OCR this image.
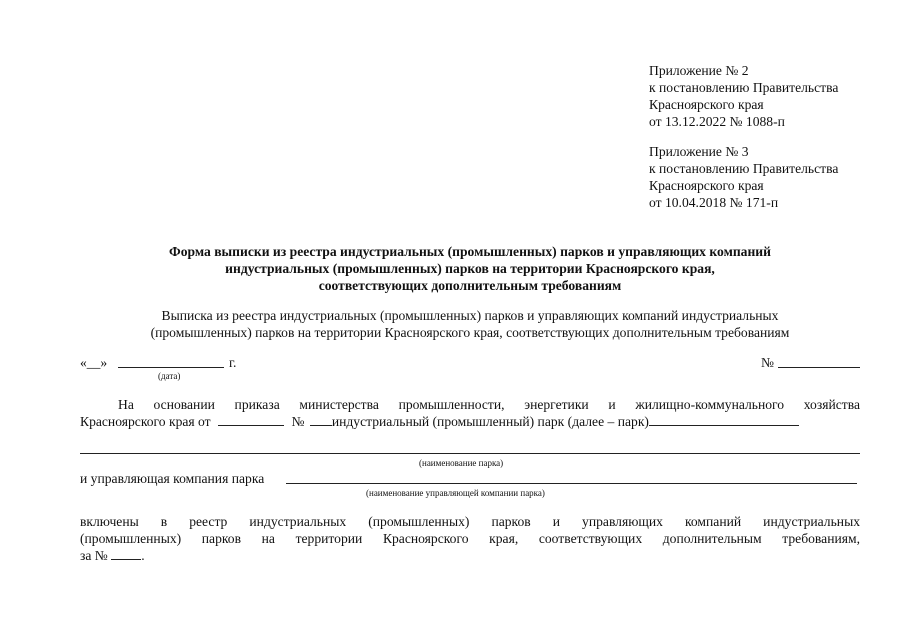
Приложение № 2
к постановлению Правительства
Красноярского края
от 13.12.2022 № 1088-п
Приложение № 3
к постановлению Правительства
Красноярского края
от 10.04.2018 № 171-п
Форма выписки из реестра индустриальных (промышленных) парков и управляющих компаний
индустриальных (промышленных) парков на территории Красноярского края,
соответствующих дополнительным требованиям
Выписка из реестра индустриальных (промышленных) парков и управляющих компаний индустриальных
(промышленных) парков на территории Красноярского края, соответствующих дополнительным требованиям
«__»	г.
(дата)
№
На основании приказа министерства промышленности, энергетики и жилищно-коммунального хозяйства
Красноярского края от	№ индустриальный (промышленный) парк (далее – парк)
(наименование парка)
и управляющая компания парка
(наименование управляющей компании парка)
включены в реестр индустриальных (промышленных) парков и управляющих компаний индустриальных
(промышленных) парков на территории Красноярского края, соответствующих дополнительным требованиям,
за № .
